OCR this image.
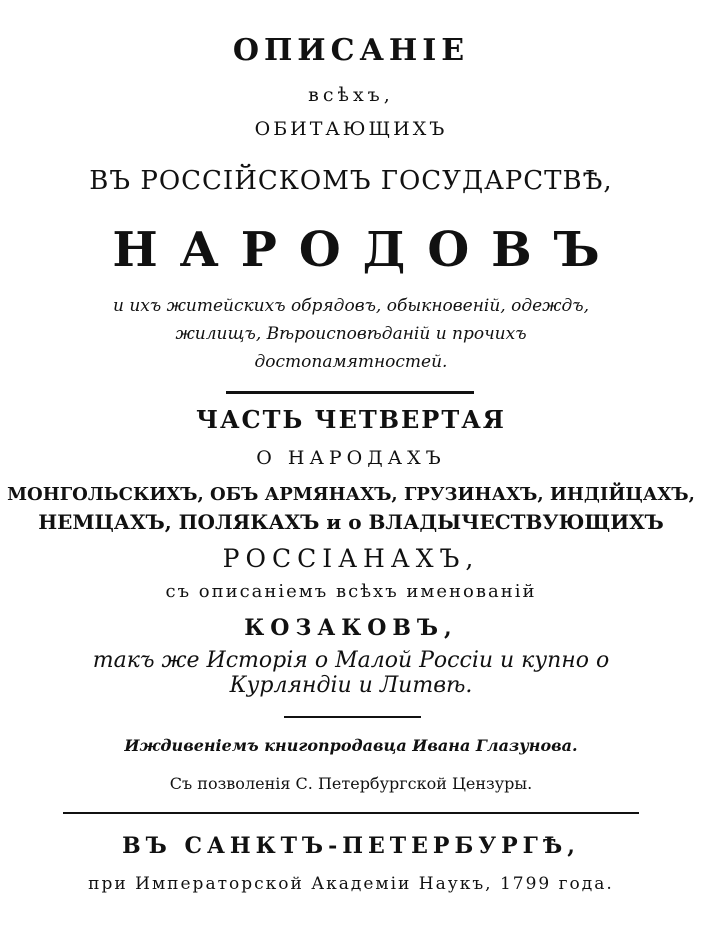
ОПИСАНIЕ
всѣхъ,
ОБИТАЮЩИХЪ
ВЪ РОССIЙСКОМЪ ГОСУДАРСТВѢ,
НАРОДОВЪ
и ихъ житейскихъ обрядовъ, обыкновенiй, одеждъ,
жилищъ, Вѣроисповѣданiй и прочихъ
достопамятностей.
ЧАСТЬ ЧЕТВЕРТАЯ
О НАРОДАХЪ
МОНГОЛЬСКИХЪ, ОБЪ АРМЯНАХЪ, ГРУЗИНАХЪ, ИНДIЙЦАХЪ,
НЕМЦАХЪ, ПОЛЯКАХЪ и о ВЛАДЫЧЕСТВУЮЩИХЪ
РОССIАНАХЪ,
съ описанiемъ всѣхъ именованiй
КОЗАКОВЪ,
такъ же Исторiя о Малой Россiи и купно о
Курляндiи и Литвѣ.
Иждивенiемъ книгопродавца Ивана Глазунова.
Съ позволенiя С. Петербургской Цензуры.
ВЪ САНКТЪ-ПЕТЕРБУРГѢ,
при Императорской Академiи Наукъ, 1799 года.
